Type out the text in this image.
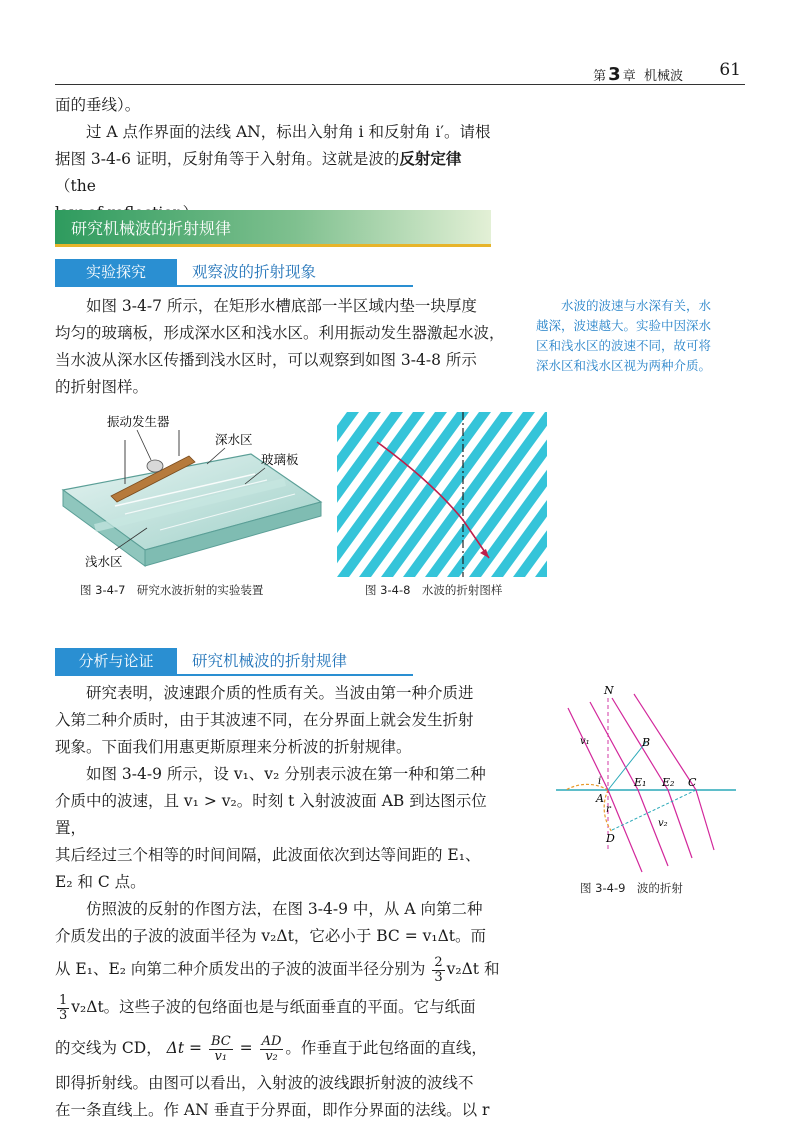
第 3 章 机械波 61
面的垂线）。
过 A 点作界面的法线 AN，标出入射角 i 和反射角 i′。请根
据图 3-4-6 证明，反射角等于入射角。这就是波的反射定律（the
研究机械波的折射规律
实验探究	观察波的折射现象
如图 3-4-7 所示，在矩形水槽底部一半区域内垫一块厚度
均匀的玻璃板，形成深水区和浅水区。利用振动发生器激起水波，
当水波从深水区传播到浅水区时，可以观察到如图 3-4-8 所示
的折射图样。
水波的波速与水深有关，水
越深，波速越大。实验中因深水
区和浅水区的波速不同，故可将
深水区和浅水区视为两种介质。
振动发生器
深水区
玻璃板
浅水区
图 3-4-7　研究水波折射的实验装置	图 3-4-8　水波的折射图样
分析与论证	研究机械波的折射规律
研究表明，波速跟介质的性质有关。当波由第一种介质进
入第二种介质时，由于其波速不同，在分界面上就会发生折射
现象。下面我们用惠更斯原理来分析波的折射规律。
如图 3-4-9 所示，设 v₁、v₂ 分别表示波在第一种和第二种
介质中的波速，且 v₁ > v₂。时刻 t 入射波波面 AB 到达图示位置，
其后经过三个相等的时间间隔，此波面依次到达等间距的 E₁、
E₂ 和 C 点。
仿照波的反射的作图方法，在图 3-4-9 中，从 A 向第二种
介质发出的子波的波面半径为 v₂Δt，它必小于 BC = v₁Δt。而
从 E₁、E₂ 向第二种介质发出的子波的波面半径分别为 $\frac{2}{3} v_2\Delta t$ 和
$\frac{1}{3} v_2\Delta t$。这些子波的包络面也是与纸面垂直的平面。它与纸面
的交线为 CD， $\Delta t = \frac{BC}{\text{v₁}} = \frac{AD}{\text{v₂}}$ 。作垂直于此包络面的直线，
即得折射线。由图可以看出，入射波的波线跟折射波的波线不
在一条直线上。作 AN 垂直于分界面，即作分界面的法线。以 r
N
B
v₁
i
A
E₁ E₂ C
r
v₂
D
图 3-4-9　波的折射
